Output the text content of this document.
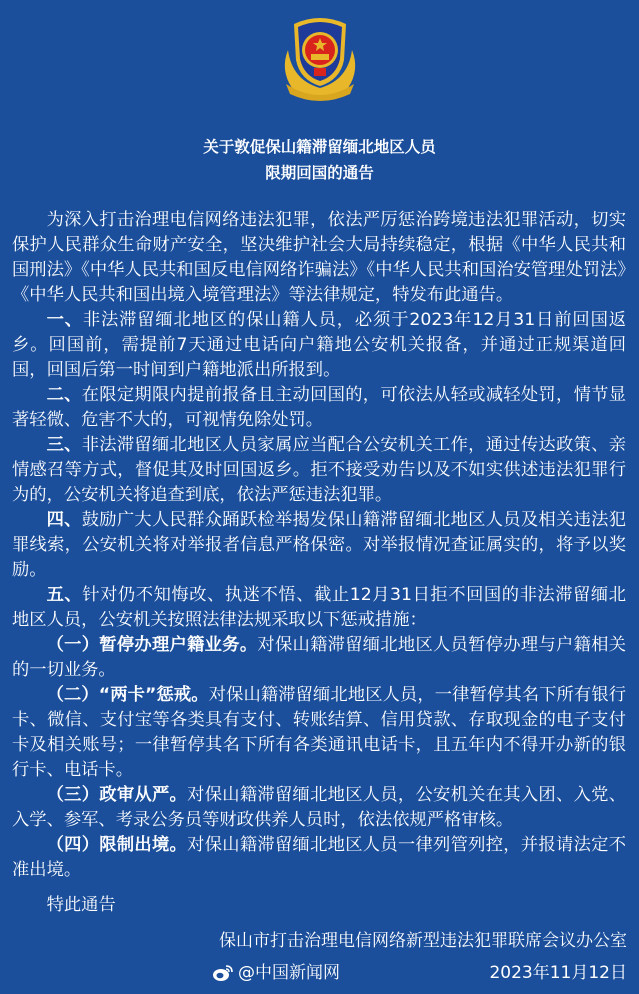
关于敦促保山籍滞留缅北地区人员
限期回国的通告

为深入打击治理电信网络违法犯罪，依法严厉惩治跨境违法犯罪活动，切实保护人民群众生命财产安全，坚决维护社会大局持续稳定，根据《中华人民共和国刑法》《中华人民共和国反电信网络诈骗法》《中华人民共和国治安管理处罚法》《中华人民共和国出境入境管理法》等法律规定，特发布此通告。

一、非法滞留缅北地区的保山籍人员，必须于2023年12月31日前回国返乡。回国前，需提前7天通过电话向户籍地公安机关报备，并通过正规渠道回国，回国后第一时间到户籍地派出所报到。

二、在限定期限内提前报备且主动回国的，可依法从轻或减轻处罚，情节显著轻微、危害不大的，可视情免除处罚。

三、非法滞留缅北地区人员家属应当配合公安机关工作，通过传达政策、亲情感召等方式，督促其及时回国返乡。拒不接受劝告以及不如实供述违法犯罪行为的，公安机关将追查到底，依法严惩违法犯罪。

四、鼓励广大人民群众踊跃检举揭发保山籍滞留缅北地区人员及相关违法犯罪线索，公安机关将对举报者信息严格保密。对举报情况查证属实的，将予以奖励。

五、针对仍不知悔改、执迷不悟、截止12月31日拒不回国的非法滞留缅北地区人员，公安机关按照法律法规采取以下惩戒措施：

（一）暂停办理户籍业务。对保山籍滞留缅北地区人员暂停办理与户籍相关的一切业务。

（二）“两卡”惩戒。对保山籍滞留缅北地区人员，一律暂停其名下所有银行卡、微信、支付宝等各类具有支付、转账结算、信用贷款、存取现金的电子支付卡及相关账号；一律暂停其名下所有各类通讯电话卡，且五年内不得开办新的银行卡、电话卡。

（三）政审从严。对保山籍滞留缅北地区人员，公安机关在其入团、入党、入学、参军、考录公务员等财政供养人员时，依法依规严格审核。

（四）限制出境。对保山籍滞留缅北地区人员一律列管列控，并报请法定不准出境。

特此通告

保山市打击治理电信网络新型违法犯罪联席会议办公室
@中国新闻网	2023年11月12日
